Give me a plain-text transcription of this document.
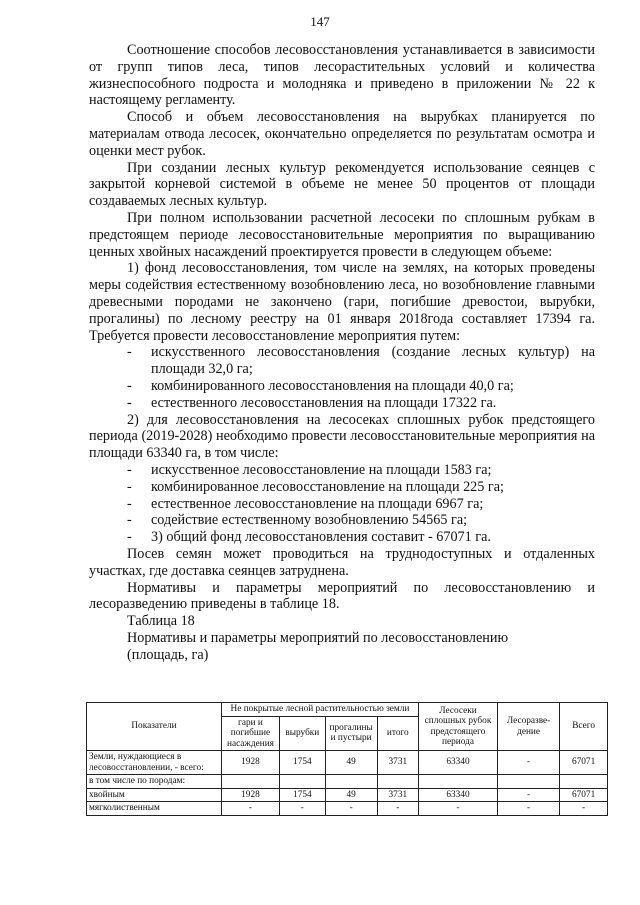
147

Соотношение способов лесовосстановления устанавливается в зависимости от групп типов леса, типов лесорастительных условий и количества жизнеспособного подроста и молодняка и приведено в приложении № 22 к настоящему регламенту.

Способ и объем лесовосстановления на вырубках планируется по материалам отвода лесосек, окончательно определяется по результатам осмотра и оценки мест рубок.

При создании лесных культур рекомендуется использование сеянцев с закрытой корневой системой в объеме не менее 50 процентов от площади создаваемых лесных культур.

При полном использовании расчетной лесосеки по сплошным рубкам в предстоящем периоде лесовосстановительные мероприятия по выращиванию ценных хвойных насаждений проектируется провести в следующем объеме:

1) фонд лесовосстановления, том числе на землях, на которых проведены меры содействия естественному возобновлению леса, но возобновление главными древесными породами не закончено (гари, погибшие древостои, вырубки, прогалины) по лесному реестру на 01 января 2018года составляет 17394 га. Требуется провести лесовосстановление мероприятия путем:

-	искусственного лесовосстановления (создание лесных культур) на площади 32,0 га;

-	комбинированного лесовосстановления на площади 40,0 га;

-	естественного лесовосстановления на площади 17322 га.

2) для лесовосстановления на лесосеках сплошных рубок предстоящего периода (2019-2028) необходимо провести лесовосстановительные мероприятия на площади 63340 га, в том числе:

-	искусственное лесовосстановление на площади 1583 га;

-	комбинированное лесовосстановление на площади 225 га;

-	естественное лесовосстановление на площади 6967 га;

-	содействие естественному возобновлению 54565 га;

-	3) общий фонд лесовосстановления составит - 67071 га.

Посев семян может проводиться на труднодоступных и отдаленных участках, где доставка сеянцев затруднена.

Нормативы и параметры мероприятий по лесовосстановлению и лесоразведению приведены в таблице 18.

Таблица 18

Нормативы и параметры мероприятий по лесовосстановлению

(площадь, га)

Показатели	Не покрытые лесной растительностью земли				Лесосеки сплошных рубок предстоящего периода	Лесоразве-дение	Всего
	гари и погибшие насаждения	вырубки	прогалины и пустыри	итого			
Земли, нуждающиеся в лесовосстановлении, - всего:	1928	1754	49	3731	63340	-	67071
в том числе по породам:							
хвойным	1928	1754	49	3731	63340	-	67071
мягколиственным	-	-	-	-	-	-	-
